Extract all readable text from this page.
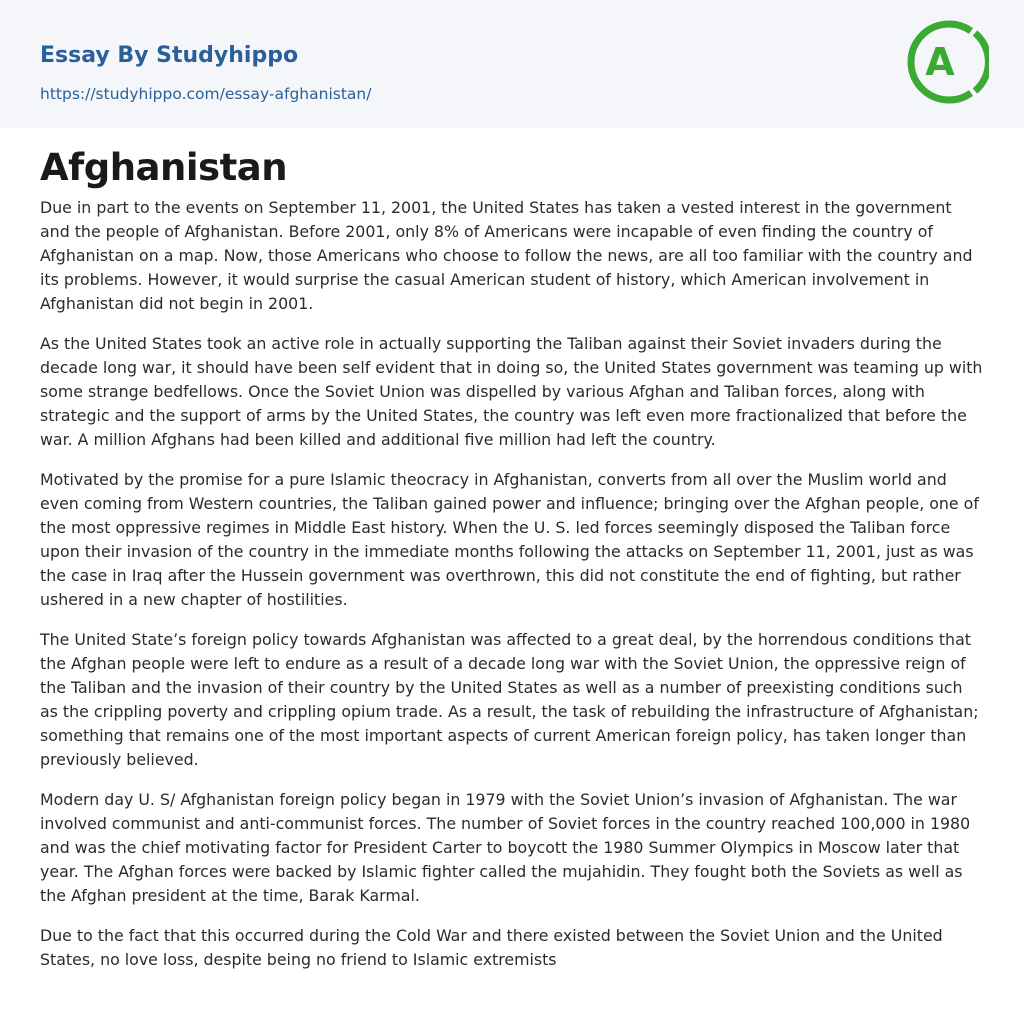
Essay By Studyhippo
https://studyhippo.com/essay-afghanistan/
A
Afghanistan

Due in part to the events on September 11, 2001, the United States has taken a vested interest in the government and the people of Afghanistan. Before 2001, only 8% of Americans were incapable of even finding the country of Afghanistan on a map. Now, those Americans who choose to follow the news, are all too familiar with the country and its problems. However, it would surprise the casual American student of history, which American involvement in Afghanistan did not begin in 2001.

As the United States took an active role in actually supporting the Taliban against their Soviet invaders during the decade long war, it should have been self evident that in doing so, the United States government was teaming up with some strange bedfellows. Once the Soviet Union was dispelled by various Afghan and Taliban forces, along with strategic and the support of arms by the United States, the country was left even more fractionalized that before the war. A million Afghans had been killed and additional five million had left the country.

Motivated by the promise for a pure Islamic theocracy in Afghanistan, converts from all over the Muslim world and even coming from Western countries, the Taliban gained power and influence; bringing over the Afghan people, one of the most oppressive regimes in Middle East history. When the U. S. led forces seemingly disposed the Taliban force upon their invasion of the country in the immediate months following the attacks on September 11, 2001, just as was the case in Iraq after the Hussein government was overthrown, this did not constitute the end of fighting, but rather ushered in a new chapter of hostilities.

The United State’s foreign policy towards Afghanistan was affected to a great deal, by the horrendous conditions that the Afghan people were left to endure as a result of a decade long war with the Soviet Union, the oppressive reign of the Taliban and the invasion of their country by the United States as well as a number of preexisting conditions such as the crippling poverty and crippling opium trade. As a result, the task of rebuilding the infrastructure of Afghanistan; something that remains one of the most important aspects of current American foreign policy, has taken longer than previously believed.

Modern day U. S/ Afghanistan foreign policy began in 1979 with the Soviet Union’s invasion of Afghanistan. The war involved communist and anti-communist forces. The number of Soviet forces in the country reached 100,000 in 1980 and was the chief motivating factor for President Carter to boycott the 1980 Summer Olympics in Moscow later that year. The Afghan forces were backed by Islamic fighter called the mujahidin. They fought both the Soviets as well as the Afghan president at the time, Barak Karmal.

Due to the fact that this occurred during the Cold War and there existed between the Soviet Union and the United States, no love loss, despite being no friend to Islamic extremists
